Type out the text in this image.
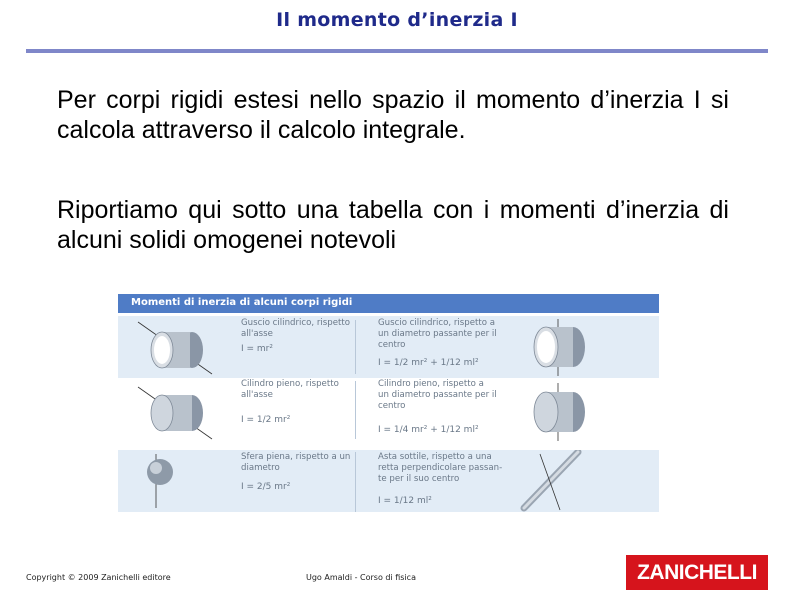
Il momento d’inerzia I
Per corpi rigidi estesi nello spazio il momento d’inerzia I si calcola attraverso il calcolo integrale.
Riportiamo qui sotto una tabella con i momenti d’inerzia di alcuni solidi omogenei notevoli
Momenti di inerzia di alcuni corpi rigidi
Guscio cilindrico, rispetto
all'asse
I = mr²
Guscio cilindrico, rispetto a
un diametro passante per il
centro
I = 1/2 mr² + 1/12 ml²
Cilindro pieno, rispetto
all'asse
I = 1/2 mr²
Cilindro pieno, rispetto a
un diametro passante per il
centro
I = 1/4 mr² + 1/12 ml²
Sfera piena, rispetto a un
diametro
I = 2/5 mr²
Asta sottile, rispetto a una
retta perpendicolare passan-
te per il suo centro
I = 1/12 ml²
Copyright © 2009 Zanichelli editore	Ugo Amaldi - Corso di fisica	ZANICHELLI
